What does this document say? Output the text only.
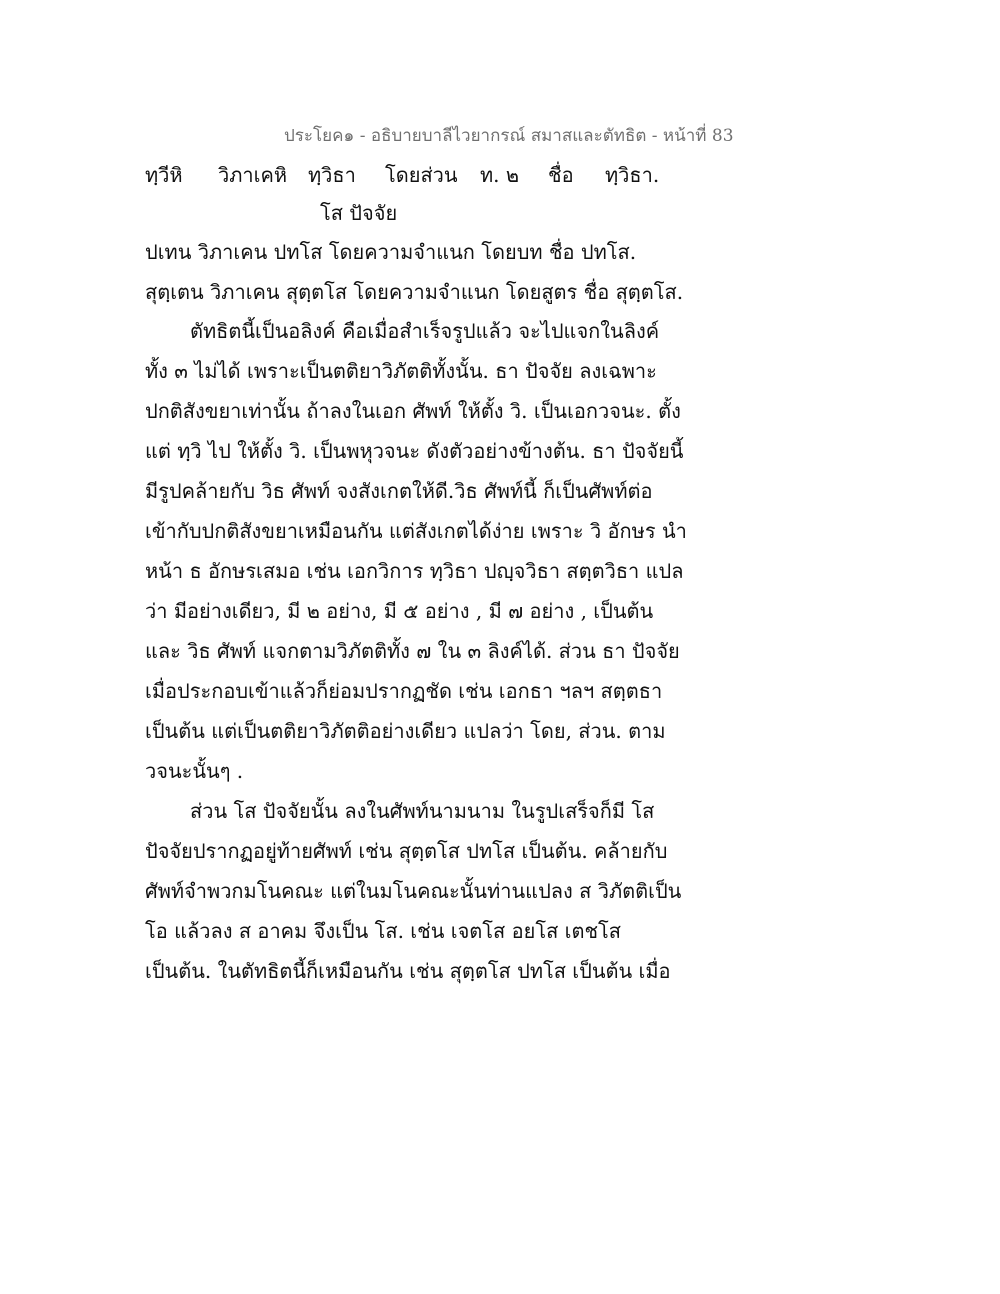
ประโยค๑ - อธิบายบาลีไวยากรณ์ สมาสและตัทธิต - หน้าที่ 83
ทฺวีหิ วิภาเคหิ ทฺวิธา โดยส่วน ท. ๒ ชื่อ ทฺวิธา.
โส ปัจจัย
ปเทน วิภาเคน ปทโส โดยความจำแนก โดยบท ชื่อ ปทโส.
สุตฺเตน วิภาเคน สุตฺตโส โดยความจำแนก โดยสูตร ชื่อ สุตฺตโส.
ตัทธิตนี้เป็นอลิงค์ คือเมื่อสำเร็จรูปแล้ว จะไปแจกในลิงค์
ทั้ง ๓ ไม่ได้ เพราะเป็นตติยาวิภัตติทั้งนั้น. ธา ปัจจัย ลงเฉพาะ
ปกติสังขยาเท่านั้น ถ้าลงในเอก ศัพท์ ให้ตั้ง วิ. เป็นเอกวจนะ. ตั้ง
แต่ ทฺวิ ไป ให้ตั้ง วิ. เป็นพหุวจนะ ดังตัวอย่างข้างต้น. ธา ปัจจัยนี้
มีรูปคล้ายกับ วิธ ศัพท์ จงสังเกตให้ดี.วิธ ศัพท์นี้ ก็เป็นศัพท์ต่อ
เข้ากับปกติสังขยาเหมือนกัน แต่สังเกตได้ง่าย เพราะ วิ อักษร นำ
หน้า ธ อักษรเสมอ เช่น เอกวิการ ทฺวิธา ปญฺจวิธา สตฺตวิธา แปล
ว่า มีอย่างเดียว, มี ๒ อย่าง, มี ๕ อย่าง , มี ๗ อย่าง , เป็นต้น
และ วิธ ศัพท์ แจกตามวิภัตติทั้ง ๗ ใน ๓ ลิงค์ได้. ส่วน ธา ปัจจัย
เมื่อประกอบเข้าแล้วก็ย่อมปรากฏชัด เช่น เอกธา ฯลฯ สตฺตธา
เป็นต้น แต่เป็นตติยาวิภัตติอย่างเดียว แปลว่า โดย, ส่วน. ตาม
วจนะนั้นๆ .
ส่วน โส ปัจจัยนั้น ลงในศัพท์นามนาม ในรูปเสร็จก็มี โส
ปัจจัยปรากฏอยู่ท้ายศัพท์ เช่น สุตฺตโส ปทโส เป็นต้น. คล้ายกับ
ศัพท์จำพวกมโนคณะ แต่ในมโนคณะนั้นท่านแปลง ส วิภัตติเป็น
โอ แล้วลง ส อาคม จึงเป็น โส. เช่น เจตโส อยโส เตชโส
เป็นต้น. ในตัทธิตนี้ก็เหมือนกัน เช่น สุตฺตโส ปทโส เป็นต้น เมื่อ
